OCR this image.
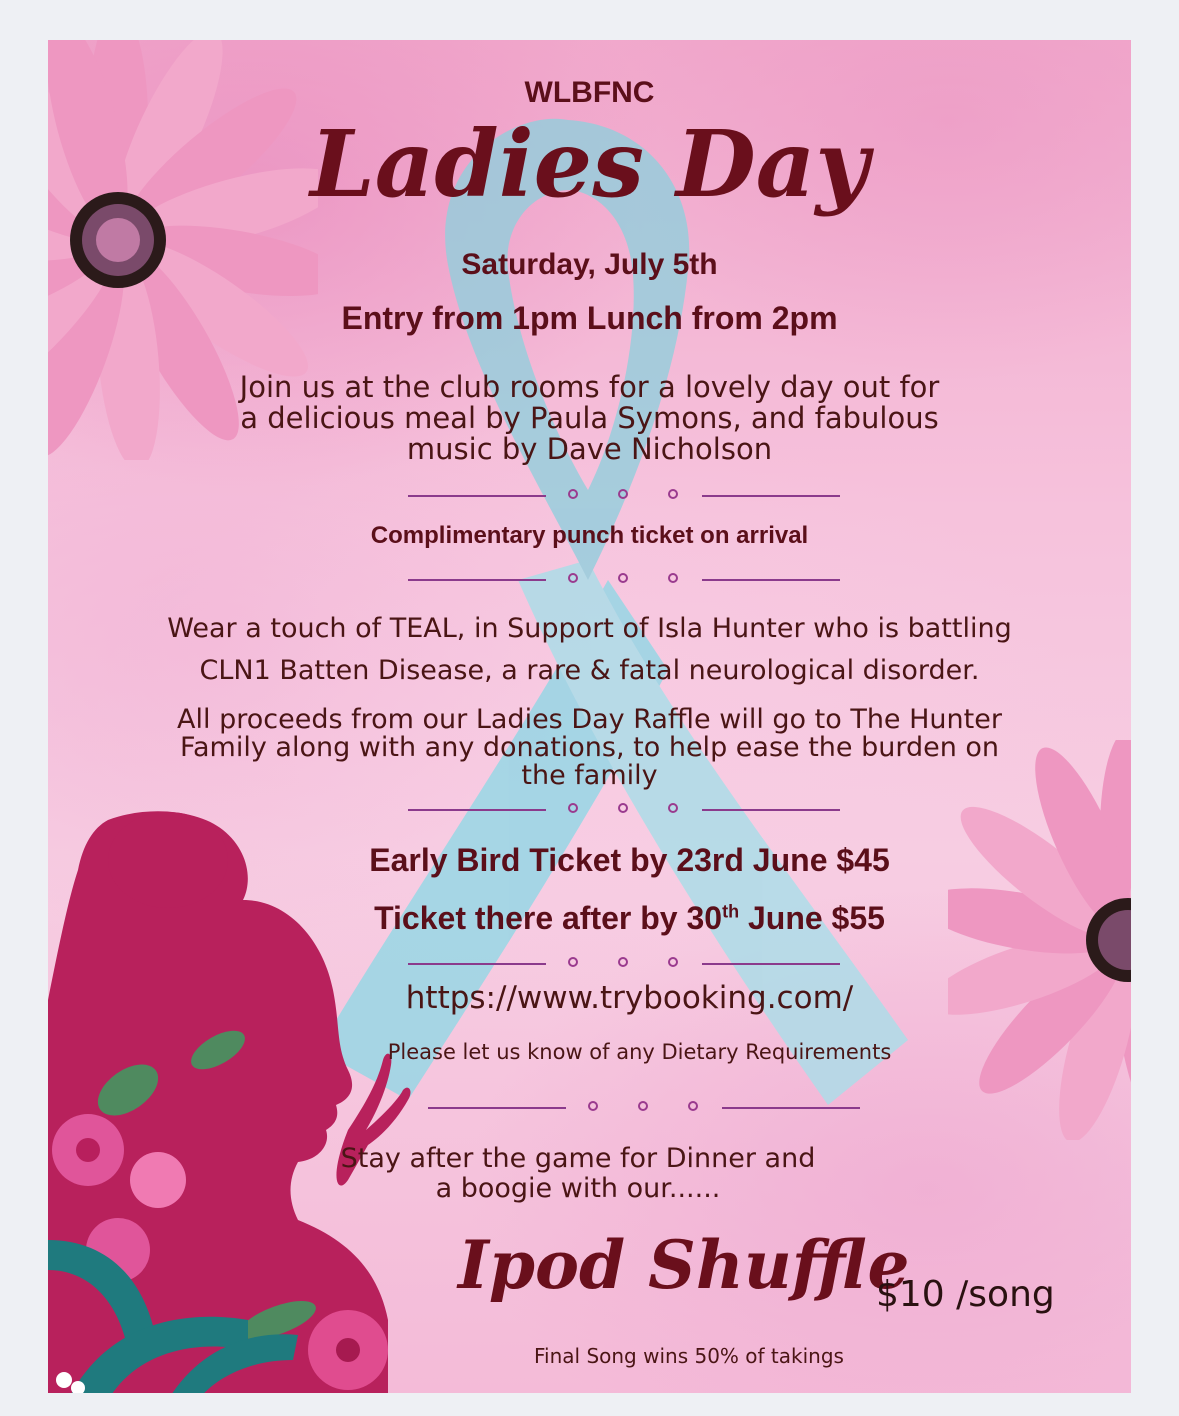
WLBFNC

Ladies Day

Saturday, July 5th

Entry from 1pm Lunch from 2pm

Join us at the club rooms for a lovely day out for
a delicious meal by Paula Symons, and fabulous
music by Dave Nicholson

Complimentary punch ticket on arrival

Wear a touch of TEAL, in Support of Isla Hunter who is battling
CLN1 Batten Disease, a rare & fatal neurological disorder.
All proceeds from our Ladies Day Raffle will go to The Hunter
Family along with any donations, to help ease the burden on
the family

Early Bird Ticket by 23rd June $45

Ticket there after by 30th June $55

https://www.trybooking.com/

Please let us know of any Dietary Requirements

Stay after the game for Dinner and
a boogie with our......

Ipod Shuffle

$10 /song

Final Song wins 50% of takings
